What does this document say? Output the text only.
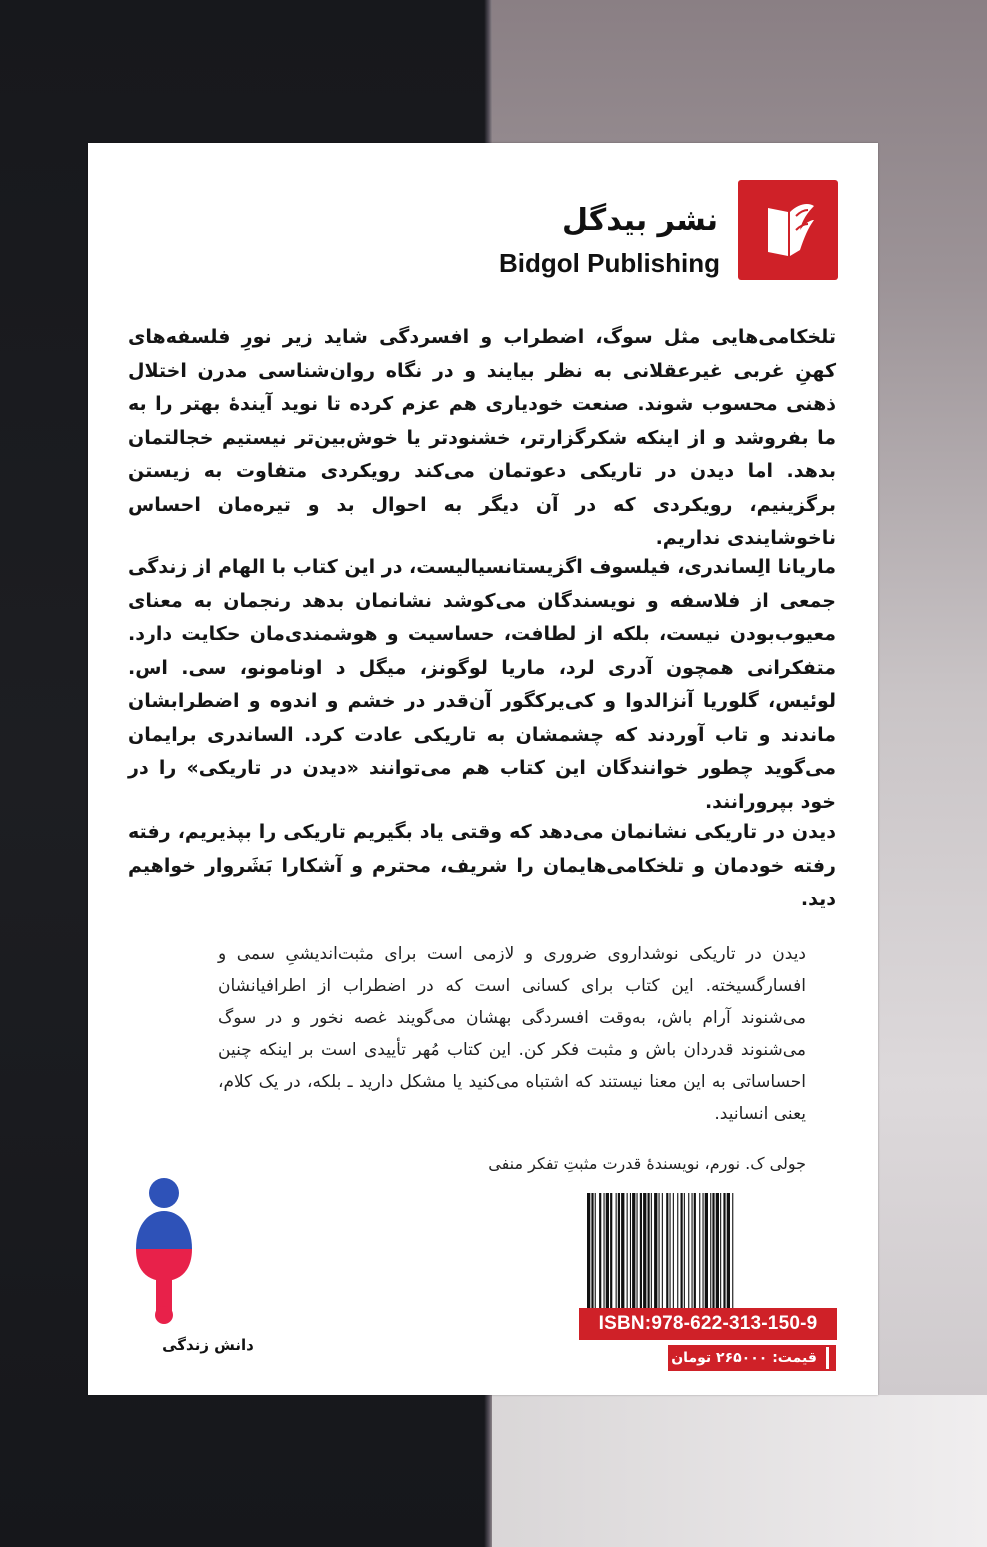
نشر بیدگل
Bidgol Publishing
تلخکامی‌هایی مثل سوگ، اضطراب و افسردگی شاید زیر نورِ فلسفه‌های کهنِ غربی غیرعقلانی به نظر بیایند و در نگاه روان‌شناسی مدرن اختلال ذهنی محسوب شوند. صنعت خودیاری هم عزم کرده تا نوید آیندهٔ بهتر را به ما بفروشد و از اینکه شکرگزارتر، خشنودتر یا خوش‌بین‌تر نیستیم خجالتمان بدهد. اما دیدن در تاریکی دعوتمان می‌کند رویکردی متفاوت به زیستن برگزینیم، رویکردی که در آن دیگر به احوال بد و تیره‌مان احساس ناخوشایندی نداریم.
ماریانا الِساندری، فیلسوف اگزیستانسیالیست، در این کتاب با الهام از زندگی جمعی از فلاسفه و نویسندگان می‌کوشد نشانمان بدهد رنجمان به معنای معیوب‌بودن نیست، بلکه از لطافت، حساسیت و هوشمندی‌مان حکایت دارد. متفکرانی همچون آدری لرد، ماریا لوگونز، میگل د اونامونو، سی. اس. لوئیس، گلوریا آنزالدوا و کی‌یرکگور آن‌قدر در خشم و اندوه و اضطرابشان ماندند و تاب آوردند که چشمشان به تاریکی عادت کرد. الساندری برایمان می‌گوید چطور خوانندگان این کتاب هم می‌توانند «دیدن در تاریکی» را در خود بپرورانند.
دیدن در تاریکی نشانمان می‌دهد که وقتی یاد بگیریم تاریکی را بپذیریم، رفته رفته خودمان و تلخکامی‌هایمان را شریف، محترم و آشکارا بَشَروار خواهیم دید.
دیدن در تاریکی نوشداروی ضروری و لازمی است برای مثبت‌اندیشیِ سمی و افسارگسیخته. این کتاب برای کسانی است که در اضطراب از اطرافیانشان می‌شنوند آرام باش، به‌وقت افسردگی بهشان می‌گویند غصه نخور و در سوگ می‌شنوند قدردان باش و مثبت فکر کن. این کتاب مُهر تأییدی است بر اینکه چنین احساساتی به این معنا نیستند که اشتباه می‌کنید یا مشکل دارید ـ بلکه، در یک کلام، یعنی انسانید.
جولی ک. نورم، نویسندهٔ قدرت مثبتِ تفکر منفی
دانش زندگی
ISBN:978-622-313-150-9
قیمت: ۲۶۵۰۰۰ تومان
